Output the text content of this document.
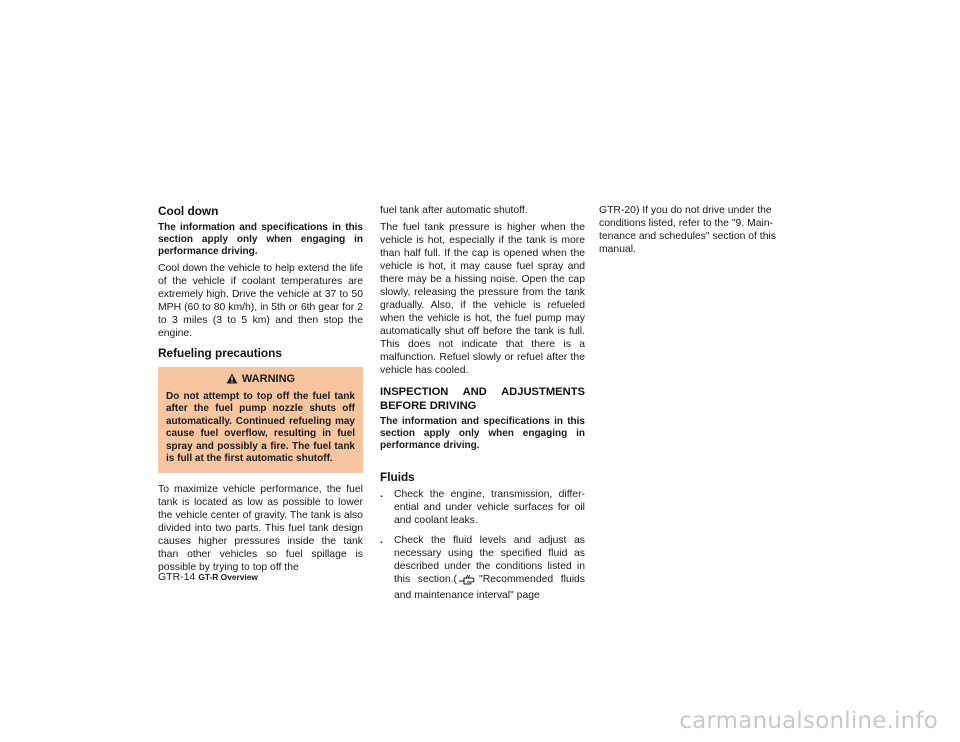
Cool down

The information and specifications in this section apply only when engaging in performance driving.

Cool down the vehicle to help extend the life of the vehicle if coolant temperatures are extremely high. Drive the vehicle at 37 to 50 MPH (60 to 80 km/h), in 5th or 6th gear for 2 to 3 miles (3 to 5 km) and then stop the engine.

Refueling precautions
WARNING
Do not attempt to top off the fuel tank after the fuel pump nozzle shuts off automatically. Continued refueling may cause fuel overflow, resulting in fuel spray and possibly a fire. The fuel tank is full at the first automatic shutoff.

To maximize vehicle performance, the fuel tank is located as low as possible to lower the vehicle center of gravity. The tank is also divided into two parts. This fuel tank design causes higher pressures inside the tank than other vehicles so fuel spillage is possible by trying to top off the

fuel tank after automatic shutoff.

The fuel tank pressure is higher when the vehicle is hot, especially if the tank is more than half full. If the cap is opened when the vehicle is hot, it may cause fuel spray and there may be a hissing noise. Open the cap slowly, releasing the pressure from the tank gradually. Also, if the vehicle is refueled when the vehicle is hot, the fuel pump may automatically shut off before the tank is full. This does not indicate that there is a malfunction. Refuel slowly or refuel after the vehicle has cooled.

INSPECTION AND ADJUSTMENTS BEFORE DRIVING

The information and specifications in this section apply only when engaging in performance driving.

Fluids
. Check the engine, transmission, differ-ential and under vehicle surfaces for oil and coolant leaks.
. Check the fluid levels and adjust as necessary using the specified fluid as described under the conditions listed in this section.( "Recommended fluids and maintenance interval" page

GTR-20) If you do not drive under the conditions listed, refer to the "9. Main-tenance and schedules" section of this manual.

GTR-14 GT-R Overview
carmanualsonline.info
